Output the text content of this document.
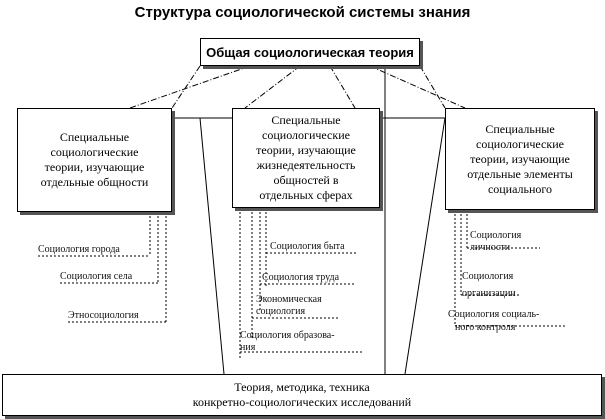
Структура социологической системы знания
Общая социологическая теория
Специальные
социологические
теории, изучающие
отдельные общности
Специальные
социологические
теории, изучающие
жизнедеятельность
общностей в
отдельных сферах
Специальные
социологические
теории, изучающие
отдельные элементы
социального
Социология города
Социология села
Этносоциология
Социология быта
Социология труда
Экономическая
социология
Социология образова-
ния
Социология
личности
Социология
организации
Социология социаль-
ного контроля
Теория, методика, техника
конкретно-социологических исследований
